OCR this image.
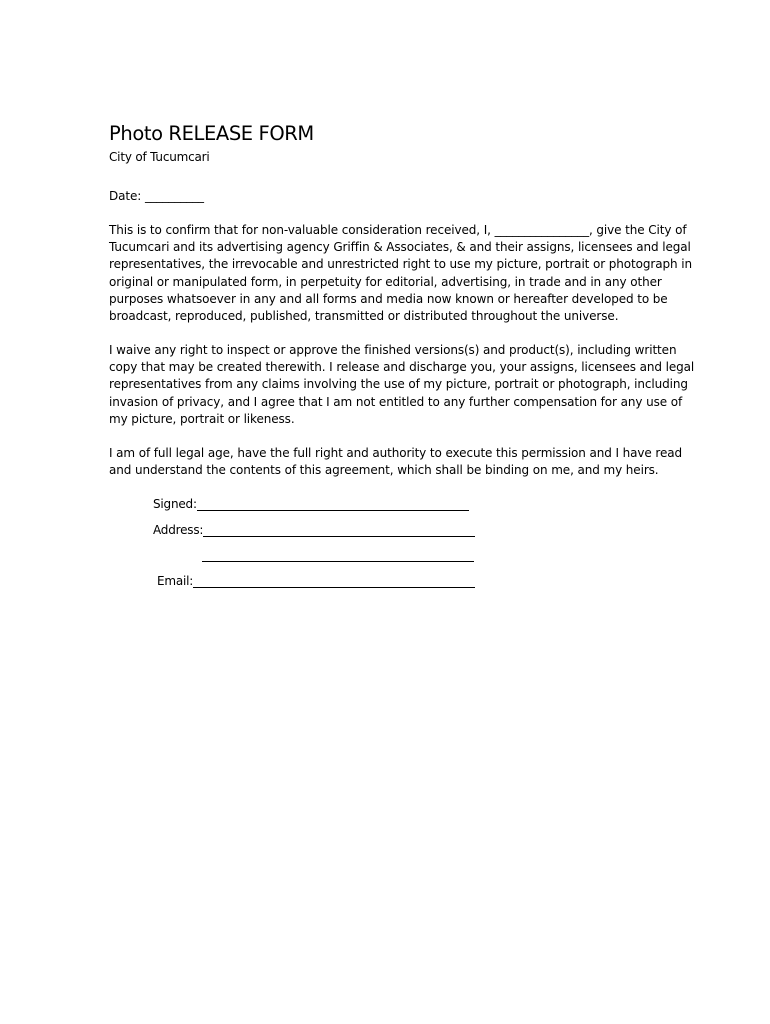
Photo RELEASE FORM
City of Tucumcari
Date: __________
This is to confirm that for non-valuable consideration received, I, ________________, give the City of
Tucumcari and its advertising agency Griffin & Associates, & and their assigns, licensees and legal
representatives, the irrevocable and unrestricted right to use my picture, portrait or photograph in
original or manipulated form, in perpetuity for editorial, advertising, in trade and in any other
purposes whatsoever in any and all forms and media now known or hereafter developed to be
broadcast, reproduced, published, transmitted or distributed throughout the universe.
I waive any right to inspect or approve the finished versions(s) and product(s), including written
copy that may be created therewith. I release and discharge you, your assigns, licensees and legal
representatives from any claims involving the use of my picture, portrait or photograph, including
invasion of privacy, and I agree that I am not entitled to any further compensation for any use of
my picture, portrait or likeness.
I am of full legal age, have the full right and authority to execute this permission and I have read
and understand the contents of this agreement, which shall be binding on me, and my heirs.
Signed:
Address:
Email:
